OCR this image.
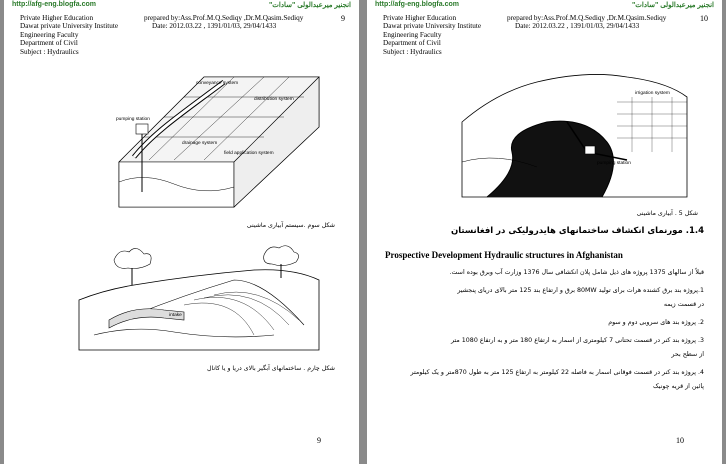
http://afg-eng.blogfa.com	انجنیر میرعبدالولی "سادات"
9
Private Higher Education
Dawat private University Institute
Engineering Faculty
Department of Civil
Subject : Hydraulics
prepared by:Ass.Prof.M.Q.Sediqy ,Dr.M.Qasim.Sediqy
Date: 2012.03.22 , 1391/01/03, 29/04/1433
conveyance system
distribution system
pumping station
drainage system
field application system
شکل سوم .سیستم آبیاری ماشینی
intake
شکل چارم . ساختمانهای آبگیر بالای دریا و یا کانال
9
http://afg-eng.blogfa.com	انجنیر میرعبدالولی "سادات"
10
Private Higher Education
Dawat private University Institute
Engineering Faculty
Department of Civil
Subject : Hydraulics
prepared by:Ass.Prof.M.Q.Sediqy ,Dr.M.Qasim.Sediqy
Date: 2012.03.22 , 1391/01/03, 29/04/1433
irrigation system
river
pumping station
شکل 5 . آبیاری ماشینی
1.4. مورنمای انکشاف ساختمانهای هایدرولیکی در افغانستان
Prospective Development Hydraulic structures in Afghanistan
قبلاً از سالهای 1375 پروژه های ذیل شامل پلان انکشافی سال 1376 وزارت آب وبرق بوده است.
1.پروژه بند برق کشنده هرات برای تولید 80MW برق و ارتفاع بند 125 متر بالای دریای پنجشیر
در قسمت زیمه
2. پروژه بند های سروبی دوم و سوم
3. پروژه بند کنر در قسمت تحتانی 7 کیلومتری از اسمار به ارتفاع 180 متر و به ارتفاع 1080 متر
از سطح بحر
4. پروژه بند کنر در قسمت فوقانی اسمار به فاصله 22 کیلومتر به ارتفاع 125 متر به طول 870متر و یک کیلومتر
پائین از قریه چونیک
10
